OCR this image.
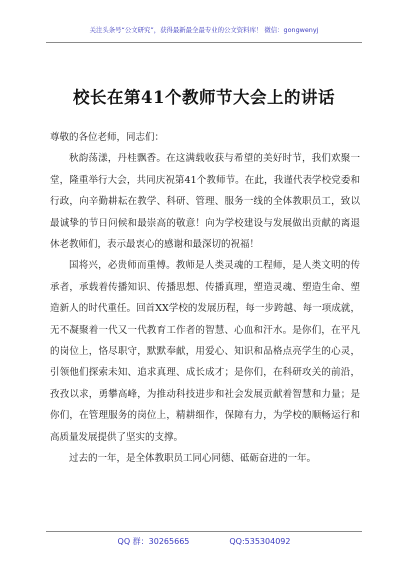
关注头条号“公文研究”，获得最新最全最专业的公文资料库！ 微信：gongwenyj
校长在第41个教师节大会上的讲话

尊敬的各位老师，同志们：

秋韵荡漾，丹桂飘香。在这满载收获与希望的美好时节，我们欢聚一堂，隆重举行大会，共同庆祝第41个教师节。在此，我谨代表学校党委和行政，向辛勤耕耘在教学、科研、管理、服务一线的全体教职员工，致以最诚挚的节日问候和最崇高的敬意！向为学校建设与发展做出贡献的离退休老教师们，表示最衷心的感谢和最深切的祝福！

国将兴，必贵师而重傅。教师是人类灵魂的工程师，是人类文明的传承者，承载着传播知识、传播思想、传播真理，塑造灵魂、塑造生命、塑造新人的时代重任。回首XX学校的发展历程，每一步跨越、每一项成就，无不凝聚着一代又一代教育工作者的智慧、心血和汗水。是你们，在平凡的岗位上，恪尽职守，默默奉献，用爱心、知识和品格点亮学生的心灵，引领他们探索未知、追求真理、成长成才；是你们，在科研攻关的前沿，孜孜以求，勇攀高峰，为推动科技进步和社会发展贡献着智慧和力量；是你们，在管理服务的岗位上，精耕细作，保障有力，为学校的顺畅运行和高质量发展提供了坚实的支撑。

过去的一年，是全体教职员工同心同德、砥砺奋进的一年。

QQ 群：30265665	QQ:535304092
